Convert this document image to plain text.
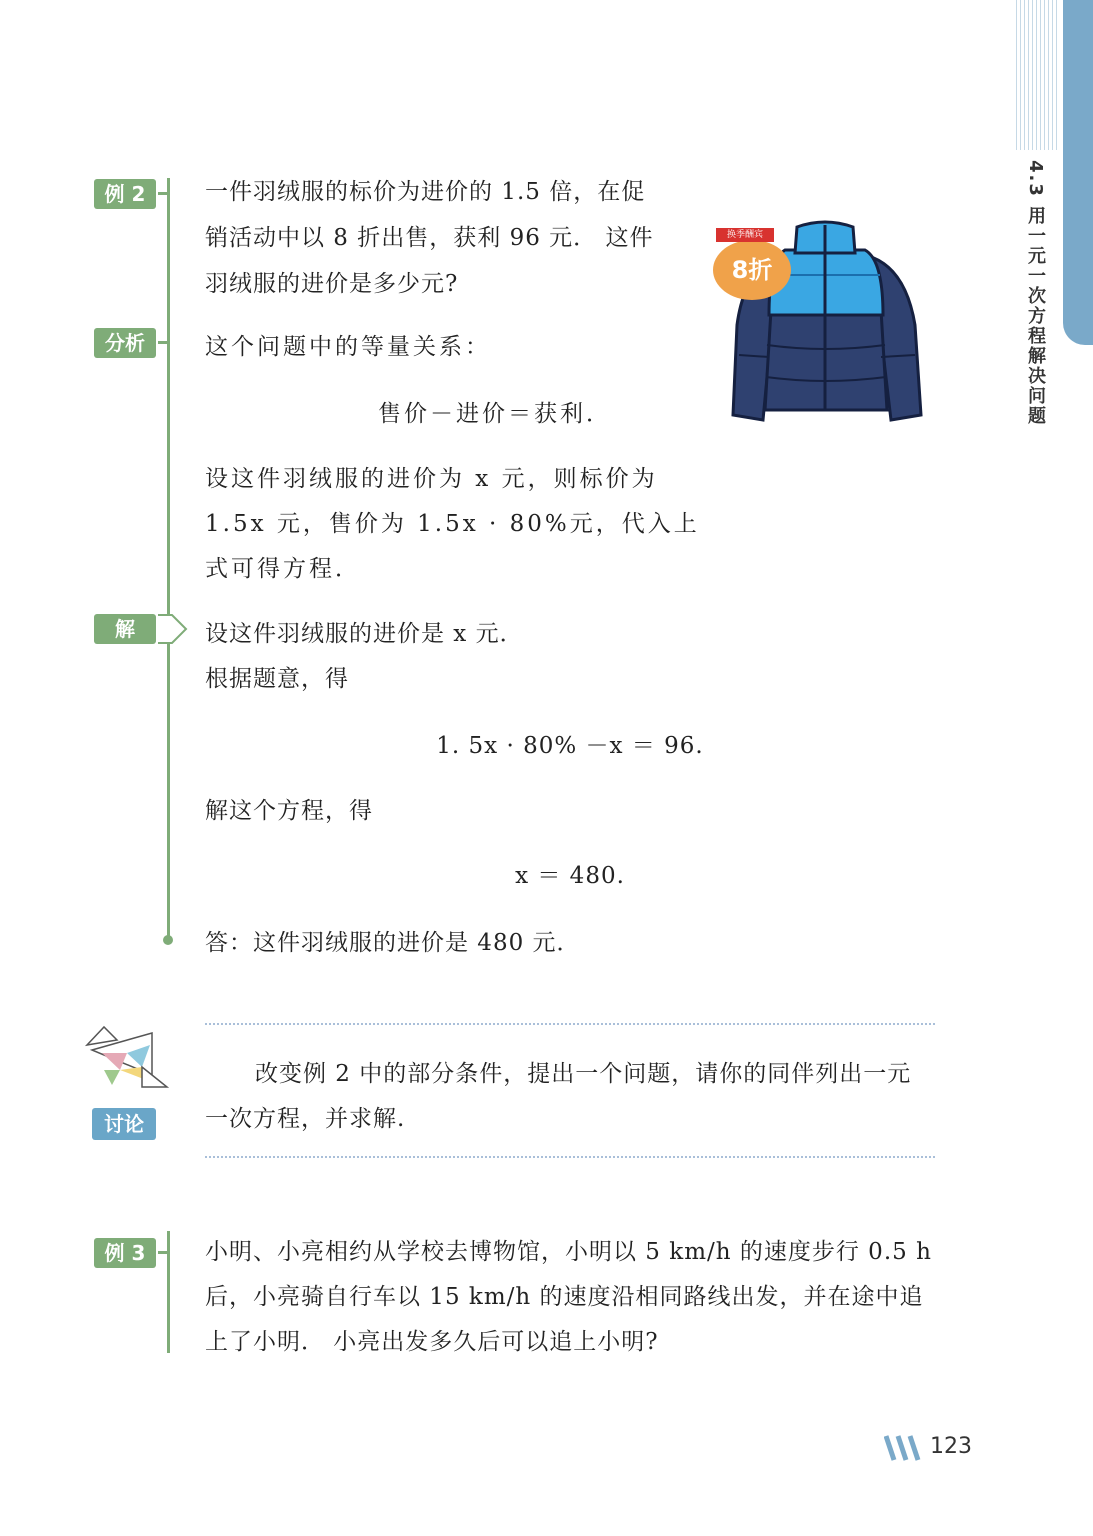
4.3 用一元一次方程解决问题
例 2	一件羽绒服的标价为进价的 1.5 倍，在促
销活动中以 8 折出售，获利 96 元． 这件
羽绒服的进价是多少元?
换季酬宾
8折
分析	这个问题中的等量关系：
售价－进价＝获利．
设这件羽绒服的进价为 x 元，则标价为
1.5x 元，售价为 1.5x · 80%元，代入上
式可得方程．
解	设这件羽绒服的进价是 x 元．
根据题意，得
1. 5x · 80% －x ＝ 96.
解这个方程，得
x ＝ 480.
答：这件羽绒服的进价是 480 元．
讨论
改变例 2 中的部分条件，提出一个问题，请你的同伴列出一元
一次方程，并求解.
例 3	小明、小亮相约从学校去博物馆，小明以 5 km/h 的速度步行 0.5 h
后，小亮骑自行车以 15 km/h 的速度沿相同路线出发，并在途中追
上了小明． 小亮出发多久后可以追上小明?
123
